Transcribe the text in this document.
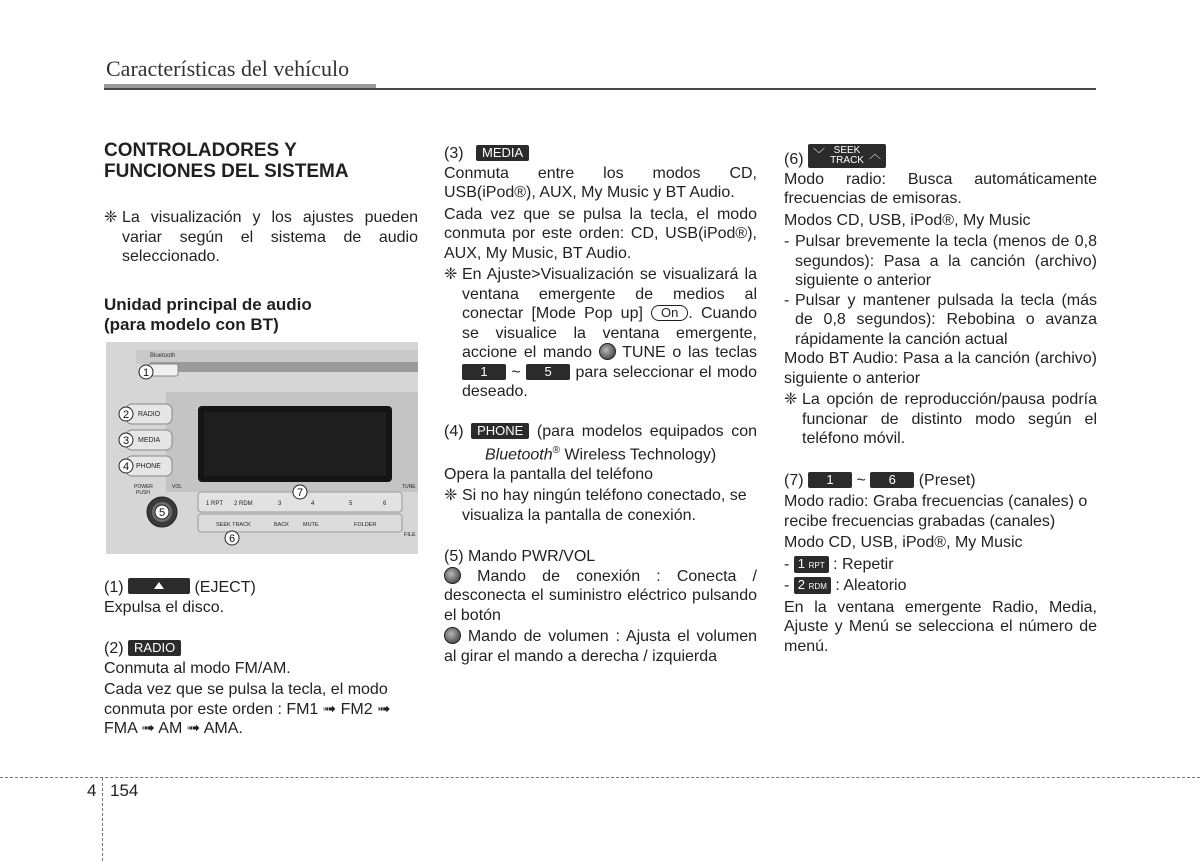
Características del vehículo

CONTROLADORES Y
FUNCIONES DEL SISTEMA

❈ La visualización y los ajustes pueden variar según el sistema de audio seleccionado.

Unidad principal de audio
(para modelo con BT)

Bluetooth
RADIO
MEDIA
PHONE
POWER
PUSH
VOL	TUNE
1 RPT 2 RDM	3	4	5	6
SEEK TRACK	BACK	MUTE	FOLDER
FILE
1
2
3
4
5
6
7

(1)	(EJECT)

Expulsa el disco.

(2) RADIO

Conmuta al modo FM/AM.

Cada vez que se pulsa la tecla, el modo conmuta por este orden : FM1 ➟ FM2 ➟ FMA ➟ AM ➟ AMA.

(3) MEDIA

Conmuta entre los modos CD,

USB(iPod®), AUX, My Music y BT Audio.

Cada vez que se pulsa la tecla, el modo conmuta por este orden: CD, USB(iPod®), AUX, My Music, BT Audio.

❈ En Ajuste>Visualización se visualizará la ventana emergente de medios al conectar [Mode Pop up] On . Cuando se visualice la ventana emergente, accione el mando TUNE o las teclas 1 ~ 5 para seleccionar el modo deseado.

(4) PHONE (para modelos equipados con

Bluetooth® Wireless Technology)

Opera la pantalla del teléfono

❈ Si no hay ningún teléfono conectado, se visualiza la pantalla de conexión.

(5) Mando PWR/VOL

Mando de conexión : Conecta / desconecta el suministro eléctrico pulsando el botón

Mando de volumen : Ajusta el volumen al girar el mando a derecha / izquierda

(6) ﹀ SEEK
TRACK ︿

Modo radio: Busca automáticamente frecuencias de emisoras.

Modos CD, USB, iPod®, My Music

- Pulsar brevemente la tecla (menos de 0,8 segundos): Pasa a la canción (archivo) siguiente o anterior
- Pulsar y mantener pulsada la tecla (más de 0,8 segundos): Rebobina o avanza rápidamente la canción actual

Modo BT Audio: Pasa a la canción (archivo) siguiente o anterior

❈ La opción de reproducción/pausa podría funcionar de distinto modo según el teléfono móvil.

(7) 1 ~ 6 (Preset)

Modo radio: Graba frecuencias (canales) o recibe frecuencias grabadas (canales)

Modo CD, USB, iPod®, My Music

- 1 RPT : Repetir

- 2 RDM : Aleatorio

En la ventana emergente Radio, Media, Ajuste y Menú se selecciona el número de menú.

4 154
